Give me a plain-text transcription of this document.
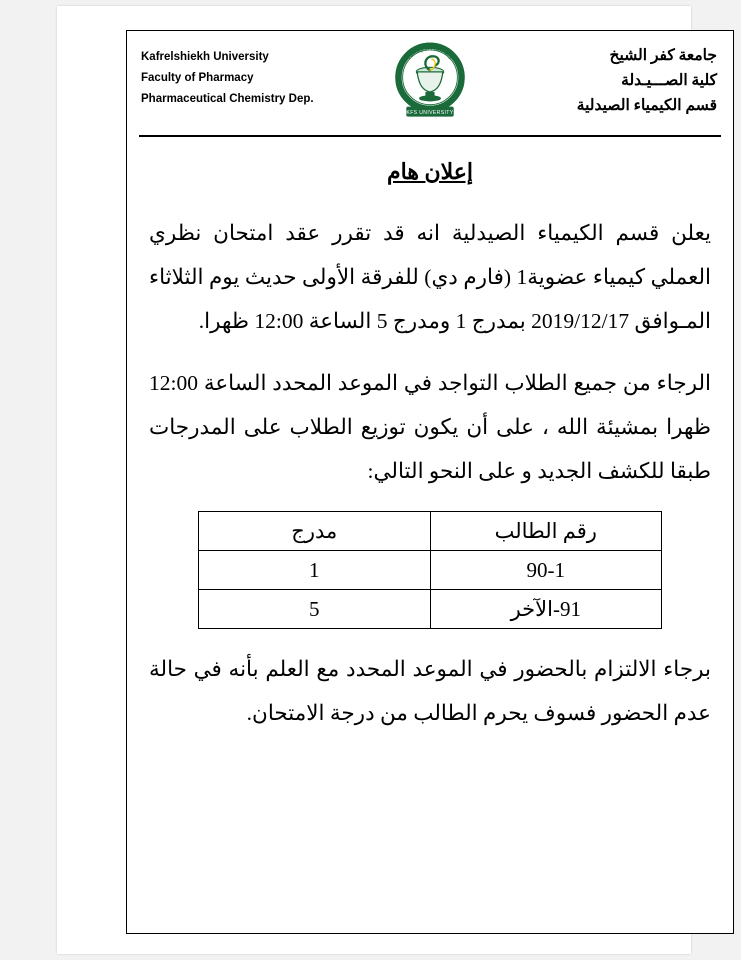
Kafrelshiekh University
Faculty of Pharmacy
Pharmaceutical Chemistry Dep.
Faculty of Pharmacy
KFS UNIVERSITY
جامعة كفر الشيخ
كلية الصـــيـدلة
قسم الكيمياء الصيدلية
إعلان هام

يعلن قسم الكيمياء الصيدلية انه قد تقرر عقد امتحان نظري العملي كيمياء عضوية1 (فارم دي) للفرقة الأولى حديث يوم الثلاثاء المـوافق 2019/12/17 بمدرج 1 ومدرج 5 الساعة 12:00 ظهرا.

الرجاء من جميع الطلاب التواجد في الموعد المحدد الساعة 12:00 ظهرا بمشيئة الله ، على أن يكون توزيع الطلاب على المدرجات طبقا للكشف الجديد و على النحو التالي:

رقم الطالب	مدرج
90-1	1
91-الآخر	5

برجاء الالتزام بالحضور في الموعد المحدد مع العلم بأنه في حالة عدم الحضور فسوف يحرم الطالب من درجة الامتحان.
